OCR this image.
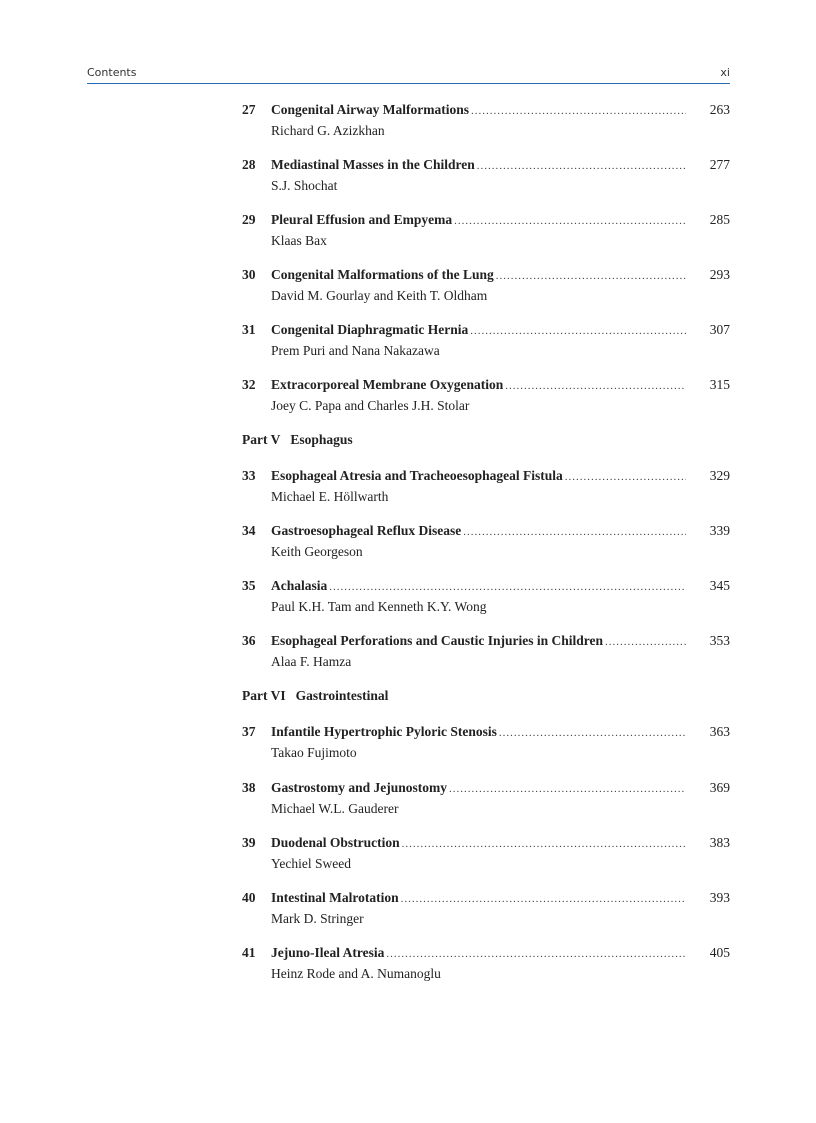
Contents	xi
27	Congenital Airway Malformations .....	263
Richard G. Azizkhan
28	Mediastinal Masses in the Children .....	277
S.J. Shochat
29	Pleural Effusion and Empyema .....	285
Klaas Bax
30	Congenital Malformations of the Lung .....	293
David M. Gourlay and Keith T. Oldham
31	Congenital Diaphragmatic Hernia .....	307
Prem Puri and Nana Nakazawa
32	Extracorporeal Membrane Oxygenation .....	315
Joey C. Papa and Charles J.H. Stolar
Part V Esophagus
33	Esophageal Atresia and Tracheoesophageal Fistula .....	329
Michael E. Höllwarth
34	Gastroesophageal Reflux Disease .....	339
Keith Georgeson
35	Achalasia .....	345
Paul K.H. Tam and Kenneth K.Y. Wong
36	Esophageal Perforations and Caustic Injuries in Children .....	353
Alaa F. Hamza
Part VI Gastrointestinal
37	Infantile Hypertrophic Pyloric Stenosis .....	363
Takao Fujimoto
38	Gastrostomy and Jejunostomy .....	369
Michael W.L. Gauderer
39	Duodenal Obstruction .....	383
Yechiel Sweed
40	Intestinal Malrotation .....	393
Mark D. Stringer
41	Jejuno-Ileal Atresia .....	405
Heinz Rode and A. Numanoglu
